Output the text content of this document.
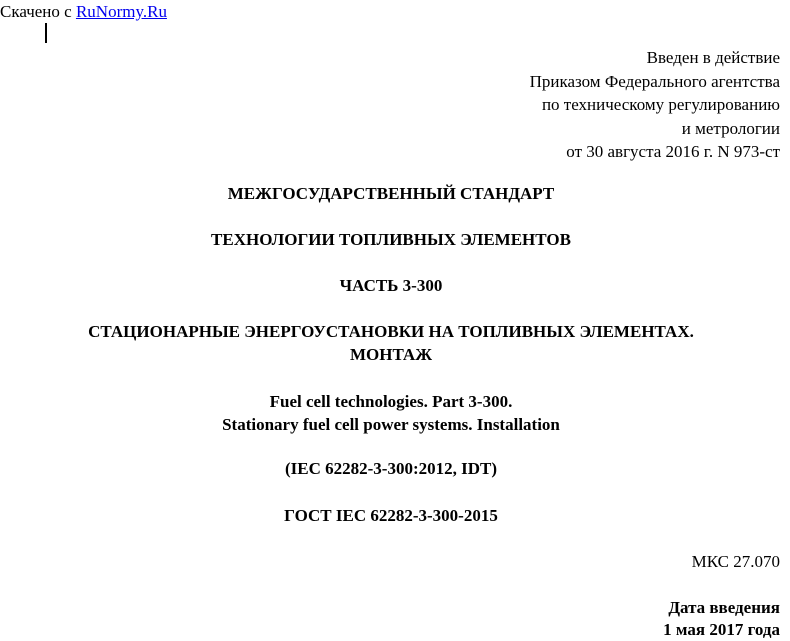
Скачено с RuNormy.Ru
Введен в действие
Приказом Федерального агентства
по техническому регулированию
и метрологии
от 30 августа 2016 г. N 973-ст
МЕЖГОСУДАРСТВЕННЫЙ СТАНДАРТ
ТЕХНОЛОГИИ ТОПЛИВНЫХ ЭЛЕМЕНТОВ
ЧАСТЬ 3-300
СТАЦИОНАРНЫЕ ЭНЕРГОУСТАНОВКИ НА ТОПЛИВНЫХ ЭЛЕМЕНТАХ.
МОНТАЖ
Fuel cell technologies. Part 3-300.
Stationary fuel cell power systems. Installation
(IEC 62282-3-300:2012, IDT)
ГОСТ IEC 62282-3-300-2015
МКС 27.070
Дата введения
1 мая 2017 года
